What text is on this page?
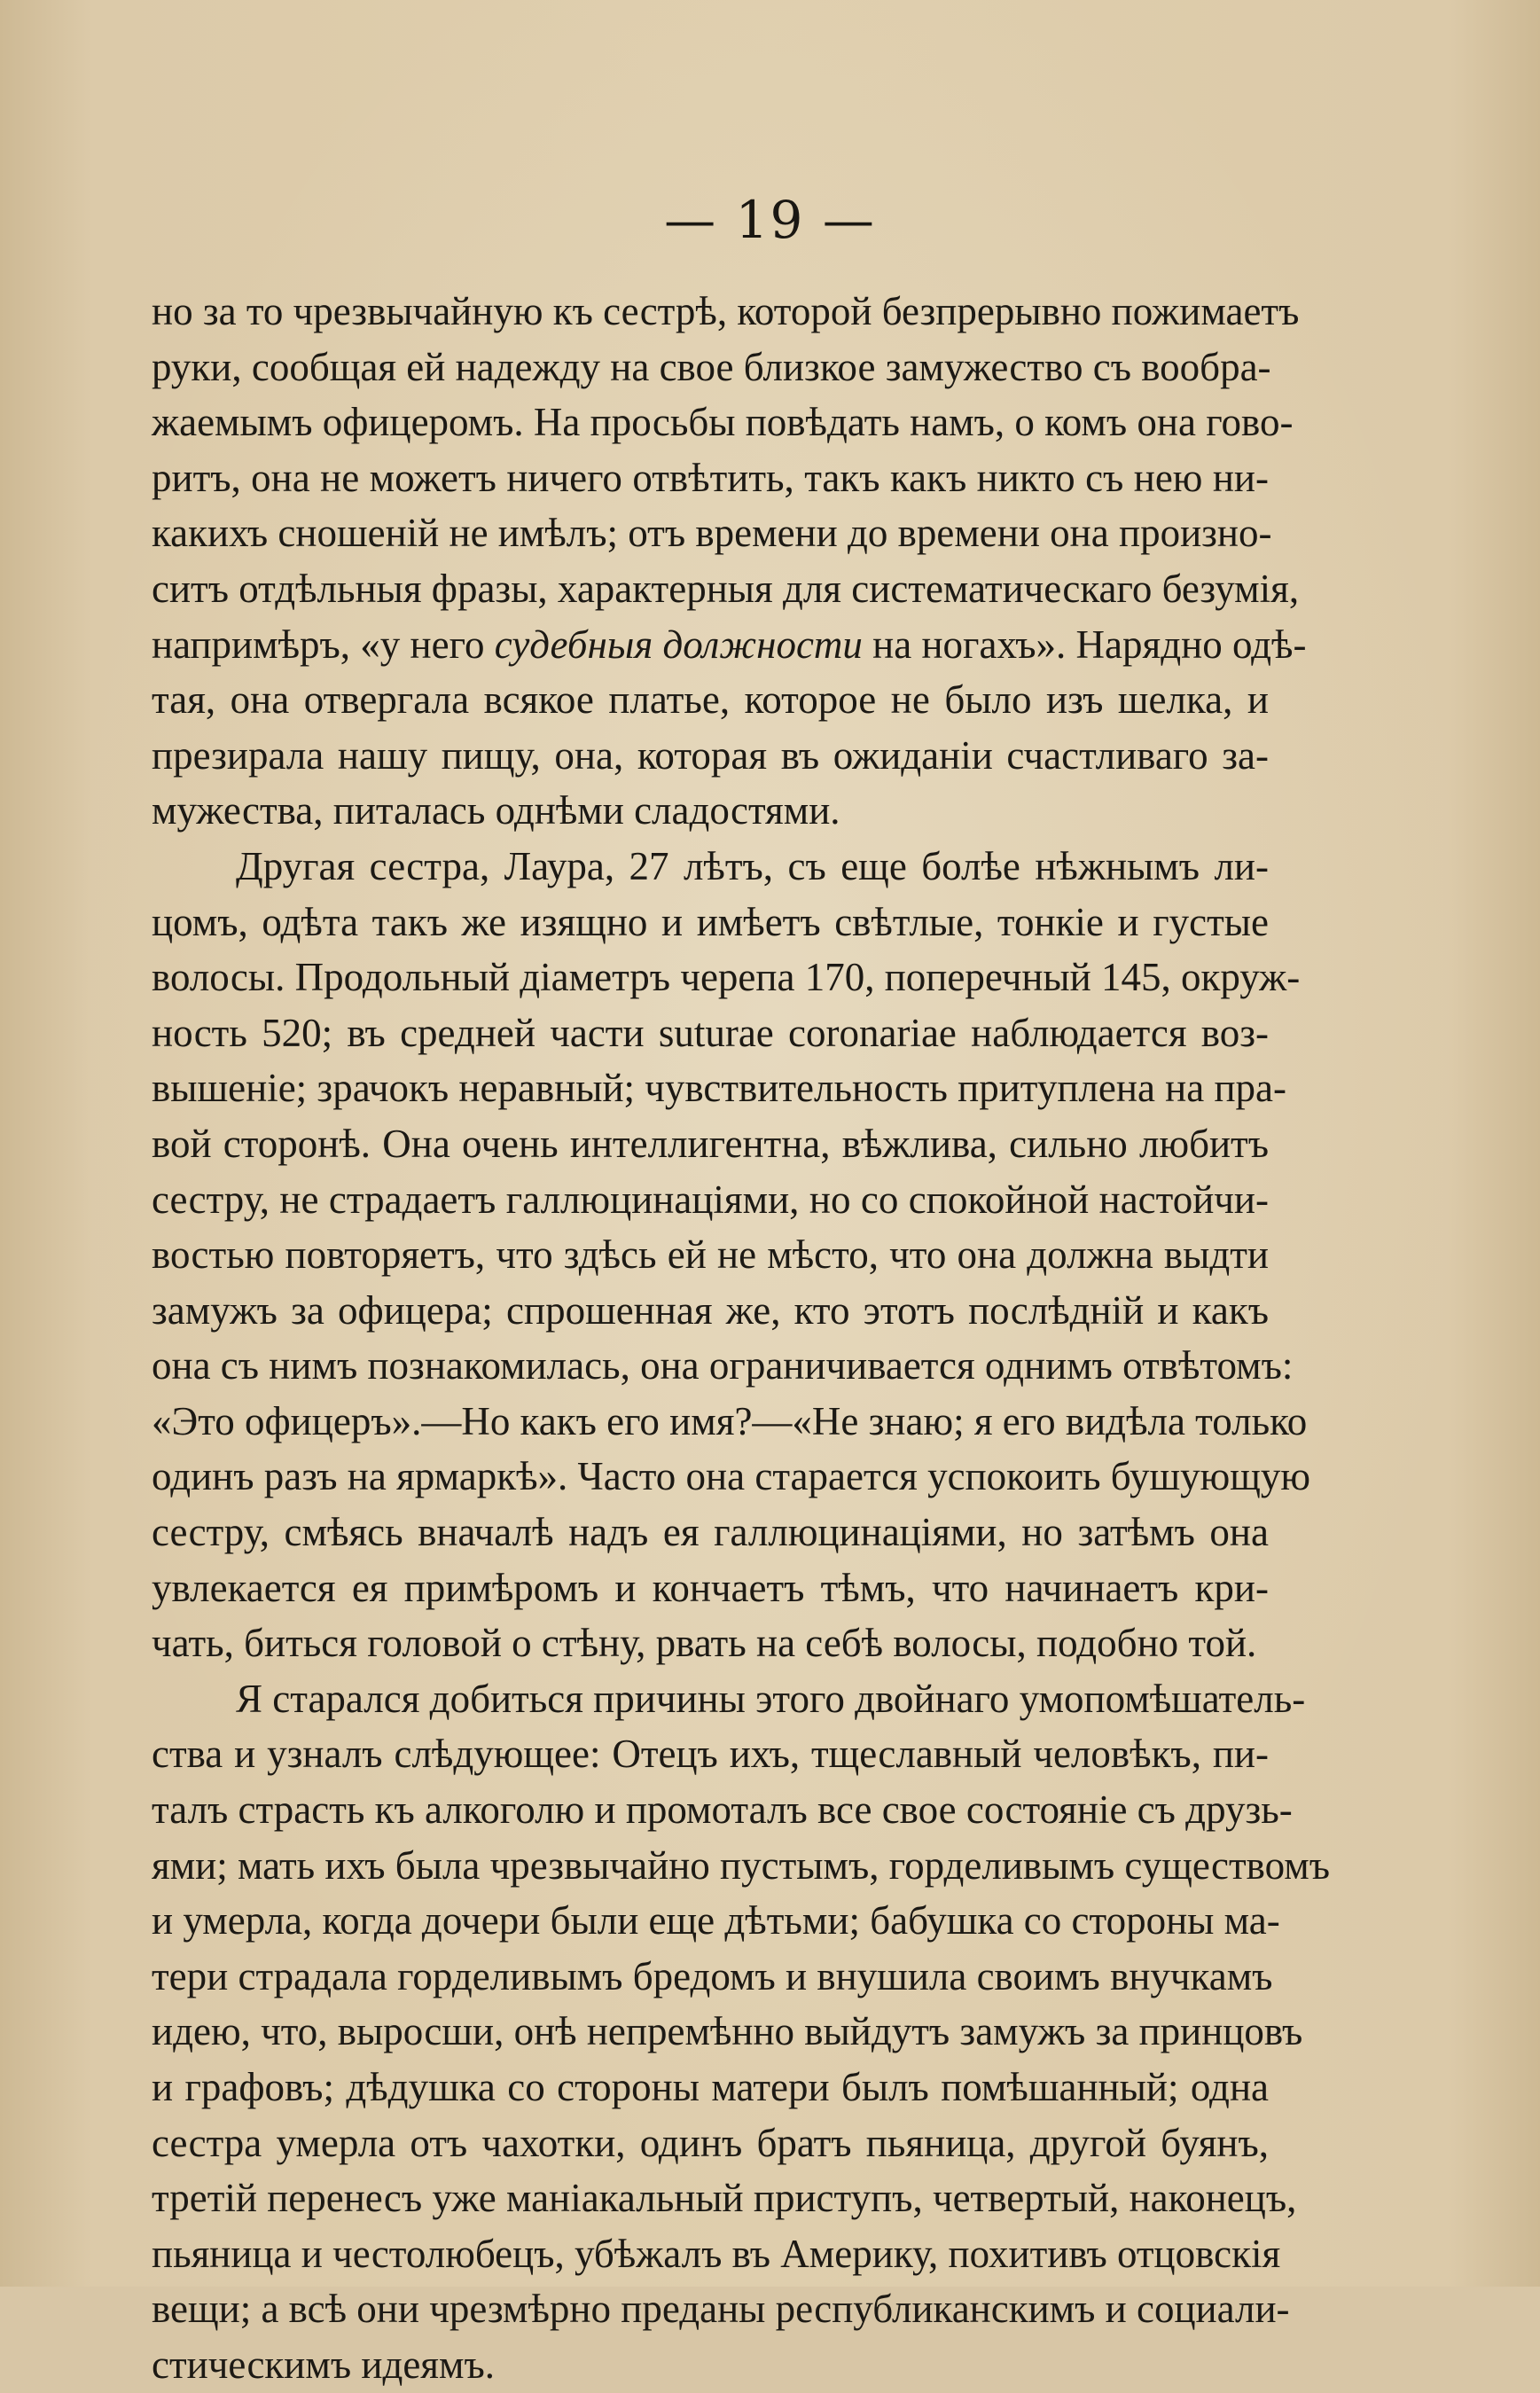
— 19 —
но за то чрезвычайную къ сестрѣ, которой безпрерывно пожимаетъ
руки, сообщая ей надежду на свое близкое замужество съ вообра-
жаемымъ офицеромъ. На просьбы повѣдать намъ, о комъ она гово-
ритъ, она не можетъ ничего отвѣтить, такъ какъ никто съ нею ни-
какихъ сношеній не имѣлъ; отъ времени до времени она произно-
ситъ отдѣльныя фразы, характерныя для систематическаго безумія,
напримѣръ, «у него судебныя должности на ногахъ». Нарядно одѣ-
тая, она отвергала всякое платье, которое не было изъ шелка, и
презирала нашу пищу, она, которая въ ожиданіи счастливаго за-
мужества, питалась однѣми сладостями.
Другая сестра, Лаура, 27 лѣтъ, съ еще болѣе нѣжнымъ ли-
цомъ, одѣта такъ же изящно и имѣетъ свѣтлые, тонкіе и густые
волосы. Продольный діаметръ черепа 170, поперечный 145, окруж-
ность 520; въ средней части suturae coronariae наблюдается воз-
вышеніе; зрачокъ неравный; чувствительность притуплена на пра-
вой сторонѣ. Она очень интеллигентна, вѣжлива, сильно любитъ
сестру, не страдаетъ галлюцинаціями, но со спокойной настойчи-
востью повторяетъ, что здѣсь ей не мѣсто, что она должна выдти
замужъ за офицера; спрошенная же, кто этотъ послѣдній и какъ
она съ нимъ познакомилась, она ограничивается однимъ отвѣтомъ:
«Это офицеръ».—Но какъ его имя?—«Не знаю; я его видѣла только
одинъ разъ на ярмаркѣ». Часто она старается успокоить бушующую
сестру, смѣясь вначалѣ надъ ея галлюцинаціями, но затѣмъ она
увлекается ея примѣромъ и кончаетъ тѣмъ, что начинаетъ кри-
чать, биться головой о стѣну, рвать на себѣ волосы, подобно той.
Я старался добиться причины этого двойнаго умопомѣшатель-
ства и узналъ слѣдующее: Отецъ ихъ, тщеславный человѣкъ, пи-
талъ страсть къ алкоголю и промоталъ все свое состояніе съ друзь-
ями; мать ихъ была чрезвычайно пустымъ, горделивымъ существомъ
и умерла, когда дочери были еще дѣтьми; бабушка со стороны ма-
тери страдала горделивымъ бредомъ и внушила своимъ внучкамъ
идею, что, выросши, онѣ непремѣнно выйдутъ замужъ за принцовъ
и графовъ; дѣдушка со стороны матери былъ помѣшанный; одна
сестра умерла отъ чахотки, одинъ братъ пьяница, другой буянъ,
третій перенесъ уже маніакальный приступъ, четвертый, наконецъ,
пьяница и честолюбецъ, убѣжалъ въ Америку, похитивъ отцовскія
вещи; а всѣ они чрезмѣрно преданы республиканскимъ и социали-
стическимъ идеямъ.
